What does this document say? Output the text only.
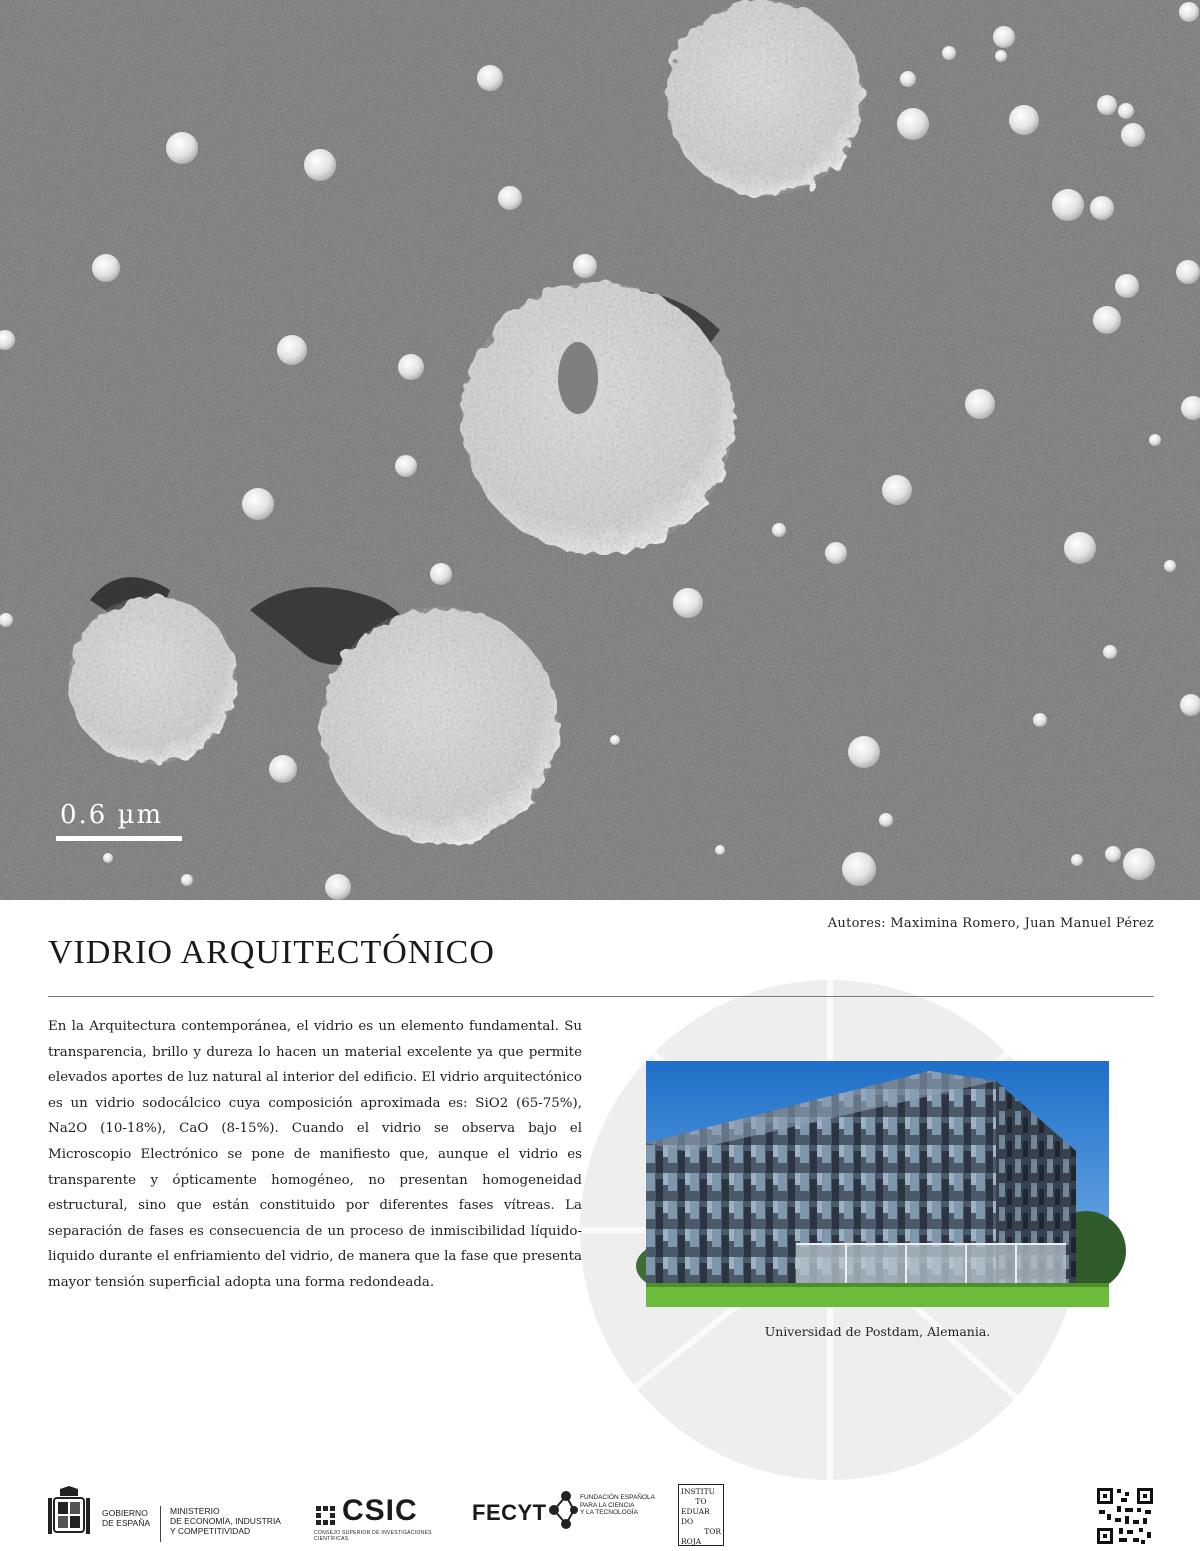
0.6 µm
Autores: Maximina Romero, Juan Manuel Pérez
VIDRIO ARQUITECTÓNICO

En la Arquitectura contemporánea, el vidrio es un elemento fundamental. Su transparencia, brillo y dureza lo hacen un material excelente ya que permite elevados aportes de luz natural al interior del edificio. El vidrio arquitectónico es un vidrio sodocálcico cuya composición aproximada es: SiO2 (65-75%), Na2O (10-18%), CaO (8-15%). Cuando el vidrio se observa bajo el Microscopio Electrónico se pone de manifiesto que, aunque el vidrio es transparente y ópticamente homogéneo, no presentan homogeneidad estructural, sino que están constituido por diferentes fases vítreas. La separación de fases es consecuencia de un proceso de inmiscibilidad líquido-liquido durante el enfriamiento del vidrio, de manera que la fase que presenta mayor tensión superficial adopta una forma redondeada.

Universidad de Postdam, Alemania.
GOBIERNO
DE ESPAÑA
MINISTERIO
DE ECONOMÍA, INDUSTRIA
Y COMPETITIVIDAD
CSIC
CONSEJO SUPERIOR DE INVESTIGACIONES CIENTÍFICAS
FECYT
FUNDACIÓN ESPAÑOLA
PARA LA CIENCIA
Y LA TECNOLOGÍA
INSTITU
TO
EDUAR
DO
TOR
ROJA
